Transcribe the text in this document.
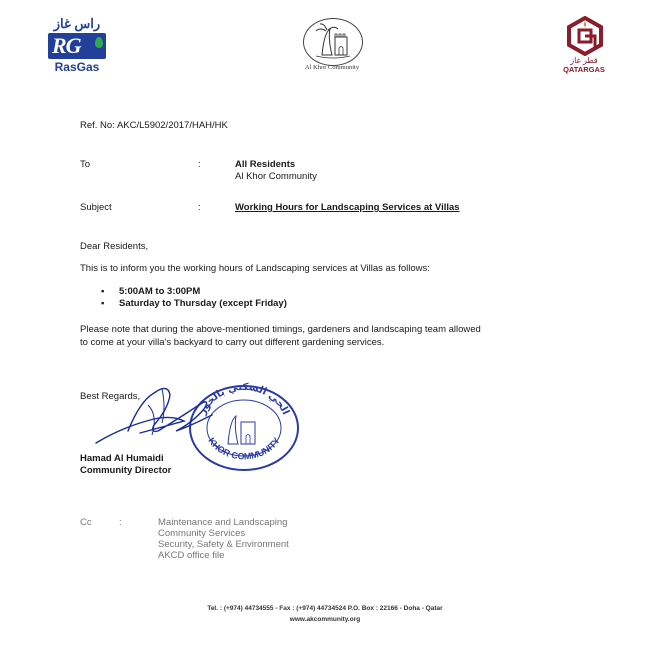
راس غاز
RG
RasGas	Al Khor Community
قطر غاز
QATARGAS
Ref. No: AKC/L5902/2017/HAH/HK
To	:	All Residents
Al Khor Community
Subject	:	Working Hours for Landscaping Services at Villas
Dear Residents,
This is to inform you the working hours of Landscaping services at Villas as follows:
▪ 5:00AM to 3:00PM
▪ Saturday to Thursday (except Friday)
Please note that during the above-mentioned timings, gardeners and landscaping team allowed
to come at your villa’s backyard to carry out different gardening services.
Best Regards,
الحي السكني بالخور
KHOR COMMUNITY
Hamad Al Humaidi
Community Director
Cc	:	Maintenance and Landscaping
Community Services
Security, Safety & Environment
AKCD office file
Tel. : (+974) 44734555 - Fax : (+974) 44734524 P.O. Box : 22166 - Doha - Qatar
www.akcommunity.org
